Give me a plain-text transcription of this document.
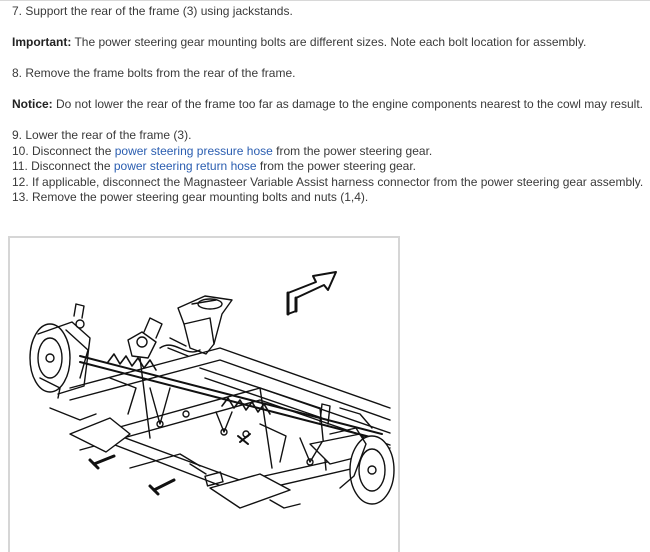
7. Support the rear of the frame (3) using jackstands.
Important: The power steering gear mounting bolts are different sizes. Note each bolt location for assembly.
8. Remove the frame bolts from the rear of the frame.
Notice: Do not lower the rear of the frame too far as damage to the engine components nearest to the cowl may result.
9. Lower the rear of the frame (3).
10. Disconnect the power steering pressure hose from the power steering gear.
11. Disconnect the power steering return hose from the power steering gear.
12. If applicable, disconnect the Magnasteer Variable Assist harness connector from the power steering gear assembly.
13. Remove the power steering gear mounting bolts and nuts (1,4).
